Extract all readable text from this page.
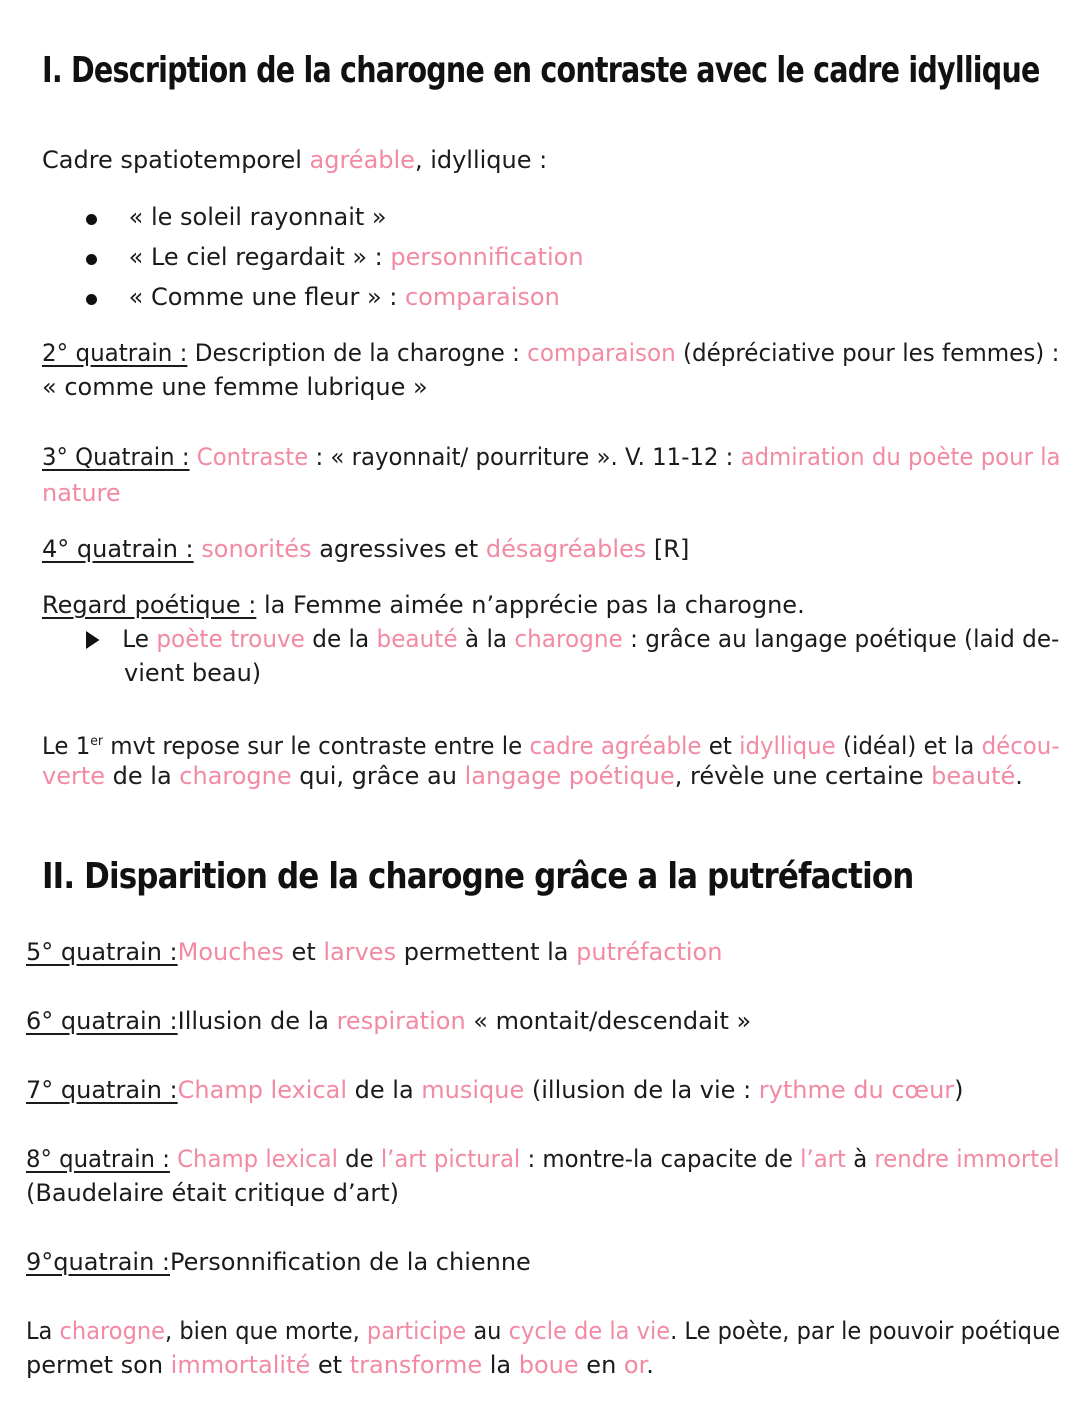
I. Description de la charogne en contraste avec le cadre idyllique
Cadre spatiotemporel agréable, idyllique :
« le soleil rayonnait »
« Le ciel regardait » : personnification
« Comme une fleur » : comparaison
2° quatrain : Description de la charogne : comparaison (dépréciative pour les femmes) :
« comme une femme lubrique »
3° Quatrain : Contraste : « rayonnait/ pourriture ». V. 11-12 : admiration du poète pour la
nature
4° quatrain : sonorités agressives et désagréables [R]
Regard poétique : la Femme aimée n’apprécie pas la charogne.
Le poète trouve de la beauté à la charogne : grâce au langage poétique (laid de-
vient beau)
Le 1er mvt repose sur le contraste entre le cadre agréable et idyllique (idéal) et la décou-
verte de la charogne qui, grâce au langage poétique, révèle une certaine beauté.
II. Disparition de la charogne grâce a la putréfaction
5° quatrain :Mouches et larves permettent la putréfaction
6° quatrain :Illusion de la respiration « montait/descendait »
7° quatrain :Champ lexical de la musique (illusion de la vie : rythme du cœur)
8° quatrain : Champ lexical de l’art pictural : montre-la capacite de l’art à rendre immortel
(Baudelaire était critique d’art)
9°quatrain :Personnification de la chienne
La charogne, bien que morte, participe au cycle de la vie. Le poète, par le pouvoir poétique
permet son immortalité et transforme la boue en or.
